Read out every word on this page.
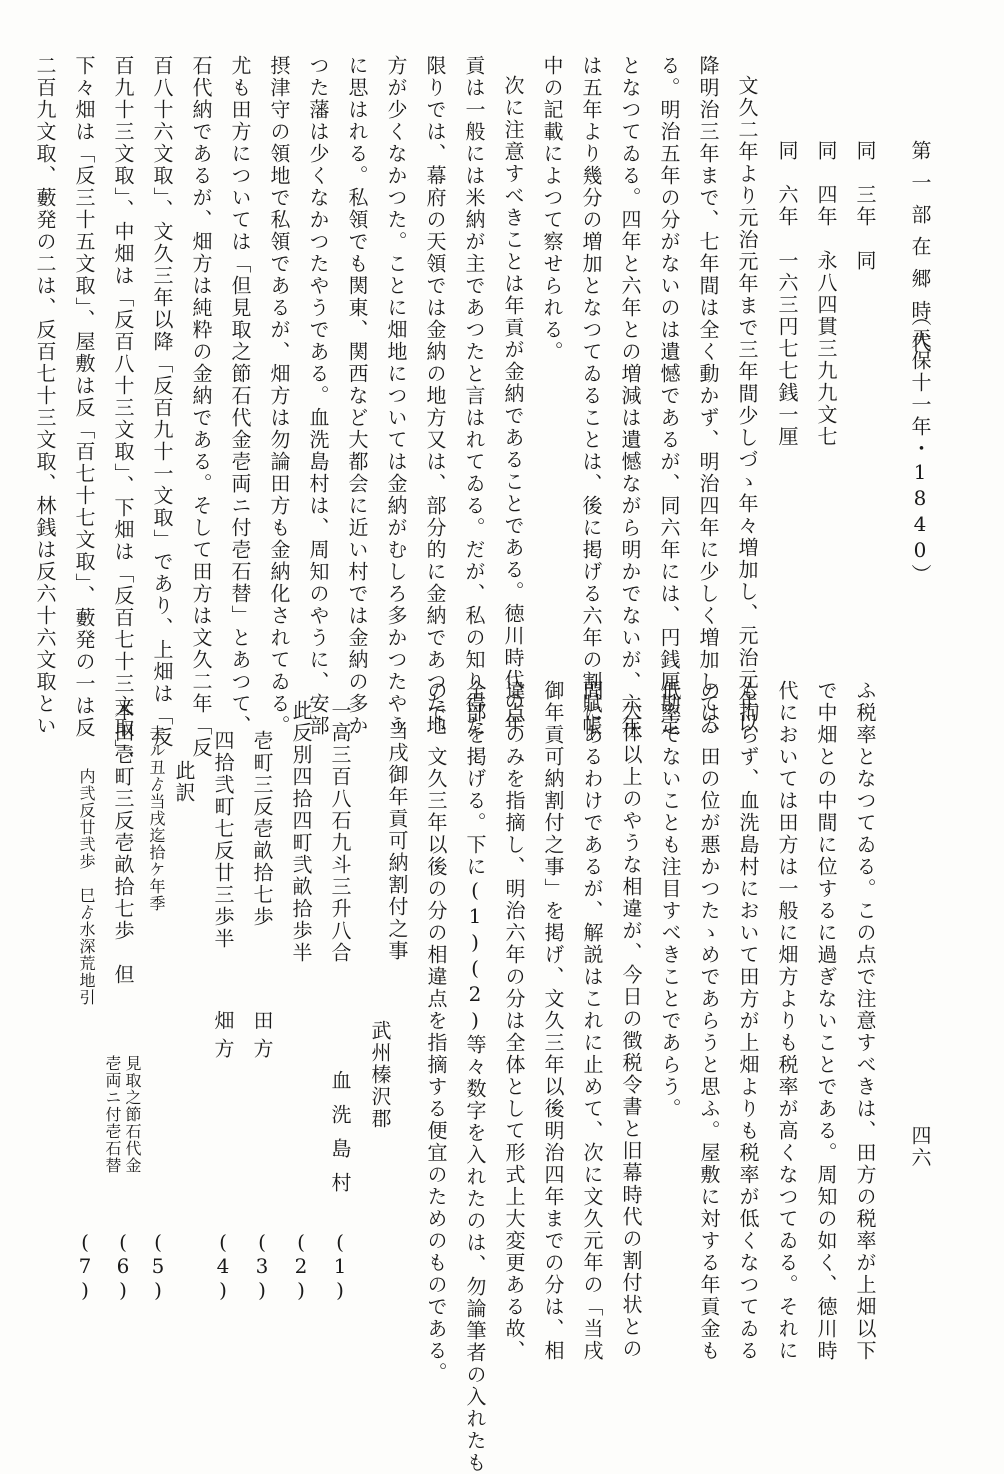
第一部在郷時代
（天保十一年・1840）
四六
同　三年　同
同　四年　永八四貫三九九文七
同　六年　一六三円七七銭一厘
文久二年より元治元年まで三年間少しづゝ年々増加し、元治元年以
降明治三年まで、七年間は全く動かず、明治四年に少しく増加してゐ
る。明治五年の分がないのは遺憾であるが、同六年には、円銭厘勘定
となつてゐる。四年と六年との増減は遺憾ながら明かでないが、六年
は五年より幾分の増加となつてゐることは、後に掲げる六年の割賦帳
中の記載によつて察せられる。
次に注意すべきことは年貢が金納であることである。徳川時代の年
貢は一般には米納が主であつたと言はれてゐる。だが、私の知り得た
限りでは、幕府の天領では金納の地方又は、部分的に金納であつた地
方が少くなかつた。ことに畑地については金納がむしろ多かつたやう
に思はれる。私領でも関東、関西など大都会に近い村では金納の多か
つた藩は少くなかつたやうである。血洗島村は、周知のやうに、安部
摂津守の領地で私領であるが、畑方は勿論田方も金納化されてゐる。
尤も田方については「但見取之節石代金壱両ニ付壱石替」とあつて、
石代納であるが、畑方は純粋の金納である。そして田方は文久二年「反
百八十六文取」、文久三年以降「反百九十一文取」であり、上畑は「反
百九十三文取」、中畑は「反百八十三文取」、下畑は「反百七十三文取」、
下々畑は「反三十五文取」、屋敷は反「百七十七文取」、藪発の一は反
二百九文取、藪発の二は、反百七十三文取、林銭は反六十六文取とい
ふ税率となつてゐる。この点で注意すべきは、田方の税率が上畑以下
で中畑との中間に位するに過ぎないことである。周知の如く、徳川時
代においては田方は一般に畑方よりも税率が高くなつてゐる。それに
も拘らず、血洗島村において田方が上畑よりも税率が低くなつてゐる
のは、田の位が悪かつたゝめであらうと思ふ。屋敷に対する年貢金も
低率でないことも注目すべきことであらう。
大体以上のやうな相違が、今日の徴税令書と旧幕時代の割付状との
間にあるわけであるが、解説はこれに止めて、次に文久元年の「当戌
御年貢可納割付之事」を掲げ、文久三年以後明治四年までの分は、相
違点のみを指摘し、明治六年の分は全体として形式上大変更ある故、
全部を掲げる。下に(1)(2)等々数字を入れたのは、勿論筆者の入れたも
ので、文久三年以後の分の相違点を指摘する便宜のためのものである。
当戌御年貢可納割付之事
武州榛沢郡
血洗島村
一高三百八石九斗三升八合
(1)
此反別四拾四町弐畝拾歩半
(2)
壱町三反壱畝拾七歩
田方
(3)
四拾弐町七反廿三歩半
畑方
(4)
此訳
去ル丑ゟ当戌迄拾ケ年季
(5)
本田壱町三反壱畝拾七歩　但
見取之節石代金
壱両ニ付壱石替
(6)
内弐反廿弐歩　巳ゟ水深荒地引
(7)
